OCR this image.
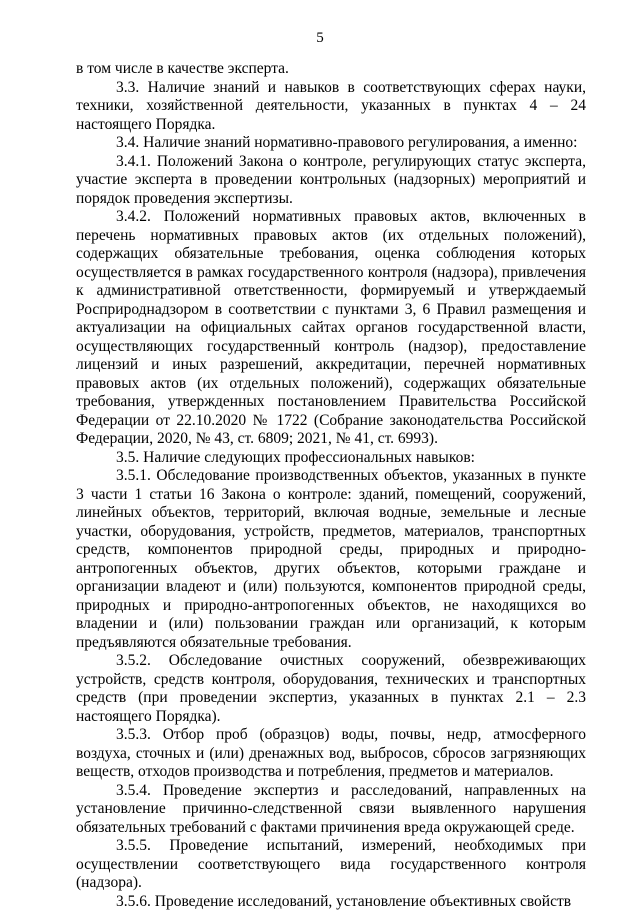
5

в том числе в качестве эксперта.

3.3. Наличие знаний и навыков в соответствующих сферах науки, техники, хозяйственной деятельности, указанных в пунктах 4 – 24 настоящего Порядка.

3.4. Наличие знаний нормативно-правового регулирования, а именно:

3.4.1. Положений Закона о контроле, регулирующих статус эксперта, участие эксперта в проведении контрольных (надзорных) мероприятий и порядок проведения экспертизы.

3.4.2. Положений нормативных правовых актов, включенных в перечень нормативных правовых актов (их отдельных положений), содержащих обязательные требования, оценка соблюдения которых осуществляется в рамках государственного контроля (надзора), привлечения к административной ответственности, формируемый и утверждаемый Росприроднадзором в соответствии с пунктами 3, 6 Правил размещения и актуализации на официальных сайтах органов государственной власти, осуществляющих государственный контроль (надзор), предоставление лицензий и иных разрешений, аккредитации, перечней нормативных правовых актов (их отдельных положений), содержащих обязательные требования, утвержденных постановлением Правительства Российской Федерации от 22.10.2020 № 1722 (Собрание законодательства Российской Федерации, 2020, № 43, ст. 6809; 2021, № 41, ст. 6993).

3.5. Наличие следующих профессиональных навыков:

3.5.1. Обследование производственных объектов, указанных в пункте 3 части 1 статьи 16 Закона о контроле: зданий, помещений, сооружений, линейных объектов, территорий, включая водные, земельные и лесные участки, оборудования, устройств, предметов, материалов, транспортных средств, компонентов природной среды, природных и природно-антропогенных объектов, других объектов, которыми граждане и организации владеют и (или) пользуются, компонентов природной среды, природных и природно-антропогенных объектов, не находящихся во владении и (или) пользовании граждан или организаций, к которым предъявляются обязательные требования.

3.5.2. Обследование очистных сооружений, обезвреживающих устройств, средств контроля, оборудования, технических и транспортных средств (при проведении экспертиз, указанных в пунктах 2.1 – 2.3 настоящего Порядка).

3.5.3. Отбор проб (образцов) воды, почвы, недр, атмосферного воздуха, сточных и (или) дренажных вод, выбросов, сбросов загрязняющих веществ, отходов производства и потребления, предметов и материалов.

3.5.4. Проведение экспертиз и расследований, направленных на установление причинно-следственной связи выявленного нарушения обязательных требований с фактами причинения вреда окружающей среде.

3.5.5. Проведение испытаний, измерений, необходимых при осуществлении соответствующего вида государственного контроля (надзора).

3.5.6. Проведение исследований, установление объективных свойств
